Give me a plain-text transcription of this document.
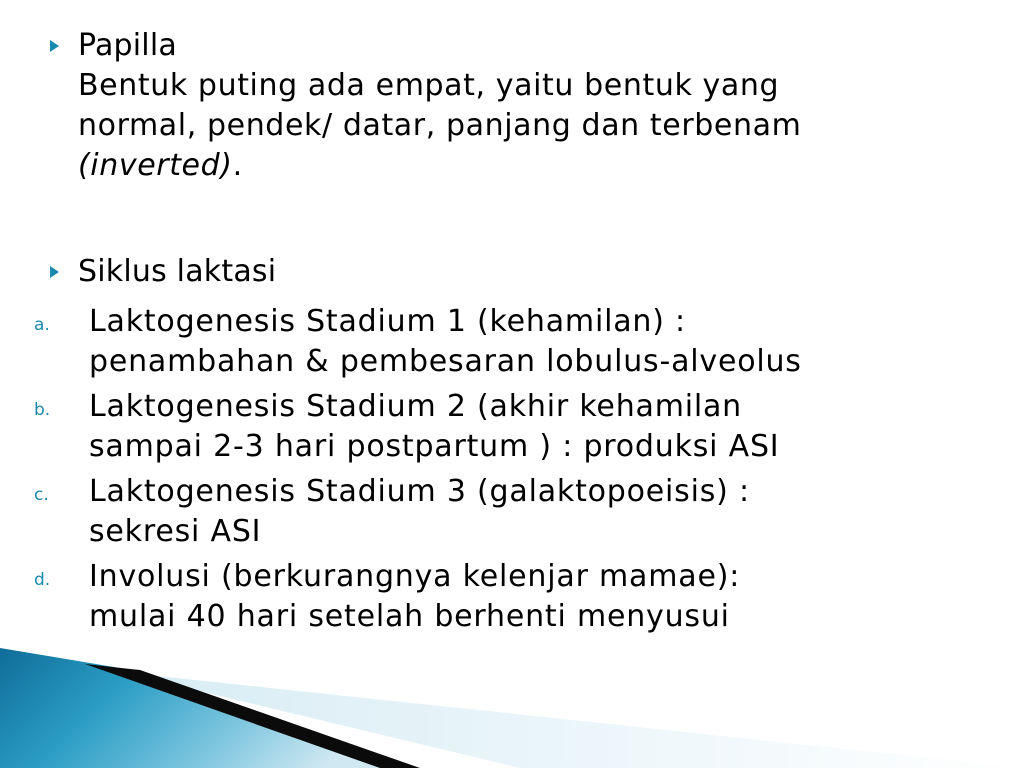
Papilla
Bentuk puting ada empat, yaitu bentuk yang
normal, pendek/ datar, panjang dan terbenam
(inverted).
Siklus laktasi
a.	Laktogenesis Stadium 1 (kehamilan) :
penambahan & pembesaran lobulus-alveolus
b.	Laktogenesis Stadium 2 (akhir kehamilan
sampai 2-3 hari postpartum ) : produksi ASI
c.	Laktogenesis Stadium 3 (galaktopoeisis) :
sekresi ASI
d.	Involusi (berkurangnya kelenjar mamae):
mulai 40 hari setelah berhenti menyusui
